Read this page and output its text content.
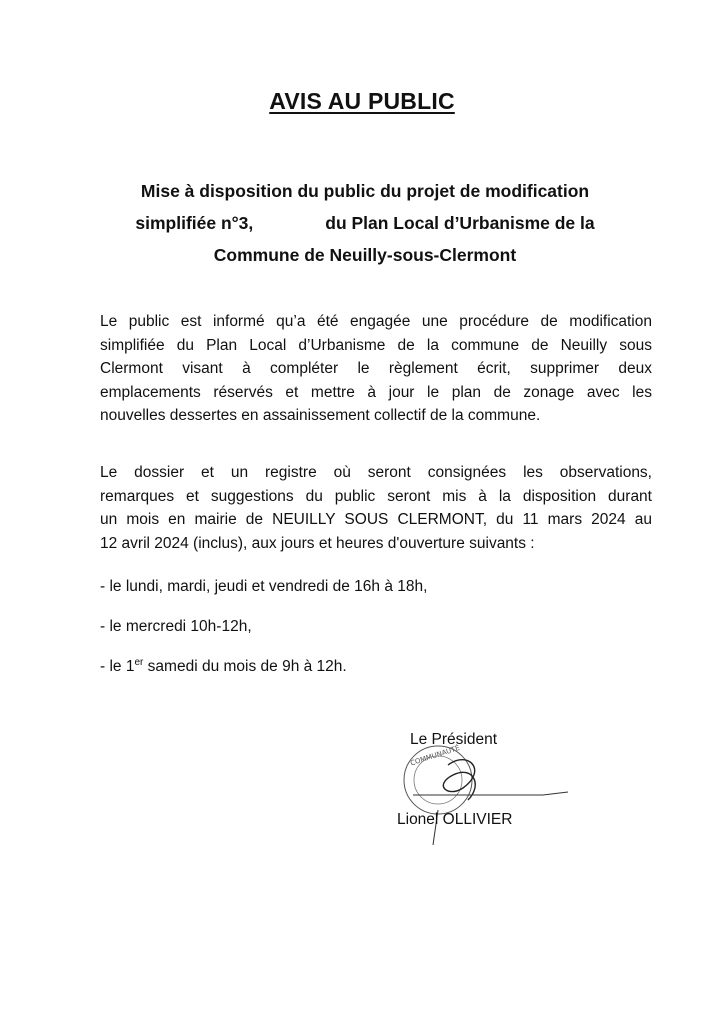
AVIS AU PUBLIC
Mise à disposition du public du projet de modification
simplifiée n°3,	du Plan Local d’Urbanisme de la
Commune de Neuilly-sous-Clermont
Le public est informé qu’a été engagée une procédure de modification
simplifiée du Plan Local d’Urbanisme de la commune de Neuilly sous
Clermont visant à compléter le règlement écrit, supprimer deux
emplacements réservés et mettre à jour le plan de zonage avec les
nouvelles dessertes en assainissement collectif de la commune.
Le dossier et un registre où seront consignées les observations,
remarques et suggestions du public seront mis à la disposition durant
un mois en mairie de NEUILLY SOUS CLERMONT, du 11 mars 2024 au
12 avril 2024 (inclus), aux jours et heures d'ouverture suivants :
- le lundi, mardi, jeudi et vendredi de 16h à 18h,
- le mercredi 10h-12h,
- le 1er samedi du mois de 9h à 12h.
Le Président
COMMUNAUTÉ
Lionel OLLIVIER
